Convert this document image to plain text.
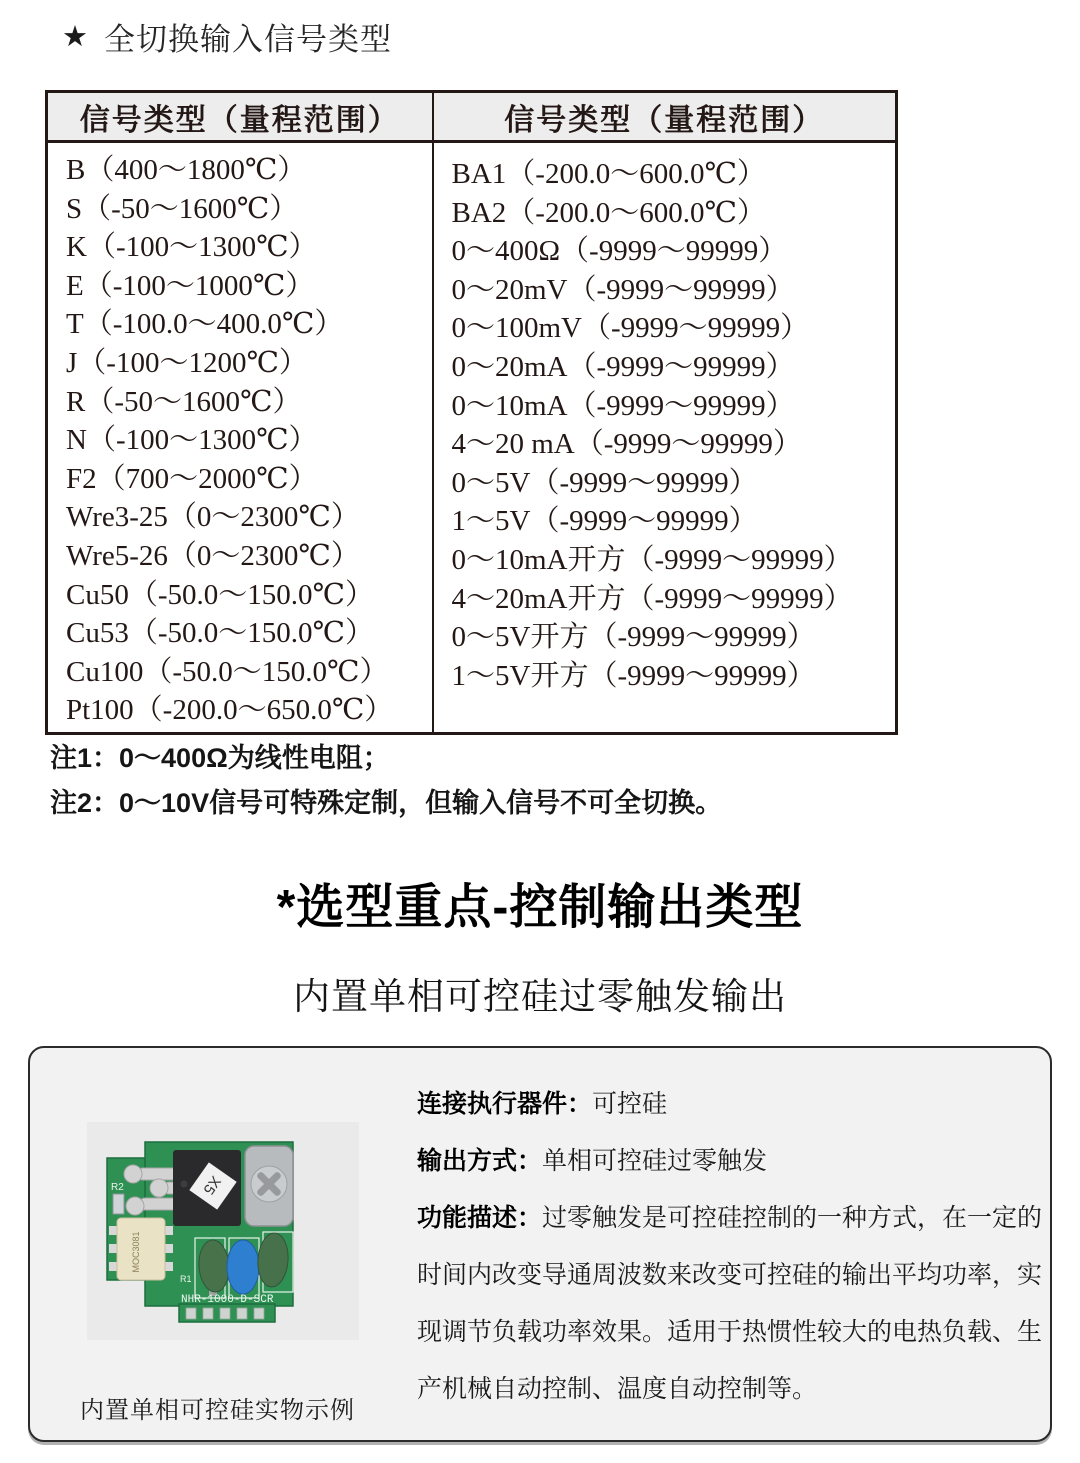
★ 全切换输入信号类型
信号类型（量程范围）	信号类型（量程范围）

B（400～1800℃）
S（-50～1600℃）
K（-100～1300℃）
E（-100～1000℃）
T（-100.0～400.0℃）
J（-100～1200℃）
R（-50～1600℃）
N（-100～1300℃）
F2（700～2000℃）
Wre3-25（0～2300℃）
Wre5-26（0～2300℃）
Cu50（-50.0～150.0℃）
Cu53（-50.0～150.0℃）
Cu100（-50.0～150.0℃）
Pt100（-200.0～650.0℃）

BA1（-200.0～600.0℃）
BA2（-200.0～600.0℃）
0～400Ω（-9999～99999）
0～20mV（-9999～99999）
0～100mV（-9999～99999）
0～20mA（-9999～99999）
0～10mA（-9999～99999）
4～20 mA（-9999～99999）
0～5V（-9999～99999）
1～5V（-9999～99999）
0～10mA开方（-9999～99999）
4～20mA开方（-9999～99999）
0～5V开方（-9999～99999）
1～5V开方（-9999～99999）
注1：0～400Ω为线性电阻；
注2：0～10V信号可特殊定制，但输入信号不可全切换。
*选型重点-控制输出类型
内置单相可控硅过零触发输出
R2	X5
MOC3081
R1
NHR-1000-D-SCR

连接执行器件：可控硅

输出方式：单相可控硅过零触发

功能描述：过零触发是可控硅控制的一种方式，在一定的时间内改变导通周波数来改变可控硅的输出平均功率，实现调节负载功率效果。适用于热惯性较大的电热负载、生产机械自动控制、温度自动控制等。

内置单相可控硅实物示例
